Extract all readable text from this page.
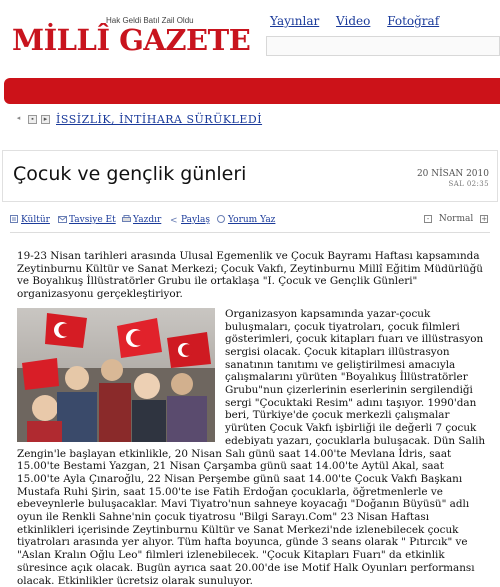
Hak Geldi Batıl Zail Oldu
MİLLÎ GAZETE
Yayınlar Video Fotoğraf
◂	▪	▸ İSSİZLİK, İNTİHARA SÜRÜKLEDİ
Çocuk ve gençlik günleri	20 NİSAN 2010
SAL 02:35
Kültür	Tavsiye Et	Yazdır < Paylaş	Yorum Yaz	- Normal +

19-23 Nisan tarihleri arasında Ulusal Egemenlik ve Çocuk Bayramı Haftası kapsamında Zeytinburnu Kültür ve Sanat Merkezi; Çocuk Vakfı, Zeytinburnu Millî Eğitim Müdürlüğü ve Boyalıkuş İllüstratörler Grubu ile ortaklaşa "I. Çocuk ve Gençlik Günleri" organizasyonu gerçekleştiriyor.

Organizasyon kapsamında yazar-çocuk buluşmaları, çocuk tiyatroları, çocuk filmleri gösterimleri, çocuk kitapları fuarı ve illüstrasyon sergisi olacak. Çocuk kitapları illüstrasyon sanatının tanıtımı ve geliştirilmesi amacıyla çalışmalarını yürüten "Boyalıkuş İllüstratörler Grubu"nun çizerlerinin eserlerinin sergilendiği sergi "Çocuktaki Resim" adını taşıyor. 1990'dan beri, Türkiye'de çocuk merkezli çalışmalar yürüten Çocuk Vakfı işbirliği ile değerli 7 çocuk edebiyatı yazarı, çocuklarla buluşacak. Dün Salih Zengin'le başlayan etkinlikle, 20 Nisan Salı günü saat 14.00'te Mevlana İdris, saat 15.00'te Bestami Yazgan, 21 Nisan Çarşamba günü saat 14.00'te Aytül Akal, saat 15.00'te Ayla Çınaroğlu, 22 Nisan Perşembe günü saat 14.00'te Çocuk Vakfı Başkanı Mustafa Ruhi Şirin, saat 15.00'te ise Fatih Erdoğan çocuklarla, öğretmenlerle ve ebeveynlerle buluşacaklar. Mavi Tiyatro'nun sahneye koyacağı "Doğanın Büyüsü" adlı oyun ile Renkli Sahne'nin çocuk tiyatrosu "Bilgi Sarayı.Com" 23 Nisan Haftası etkinlikleri içerisinde Zeytinburnu Kültür ve Sanat Merkezi'nde izlenebilecek çocuk tiyatroları arasında yer alıyor. Tüm hafta boyunca, günde 3 seans olarak " Pıtırcık" ve "Aslan Kralın Oğlu Leo" filmleri izlenebilecek. "Çocuk Kitapları Fuarı" da etkinlik süresince açık olacak. Bugün ayrıca saat 20.00'de ise Motif Halk Oyunları performansı olacak. Etkinlikler ücretsiz olarak sunuluyor.
